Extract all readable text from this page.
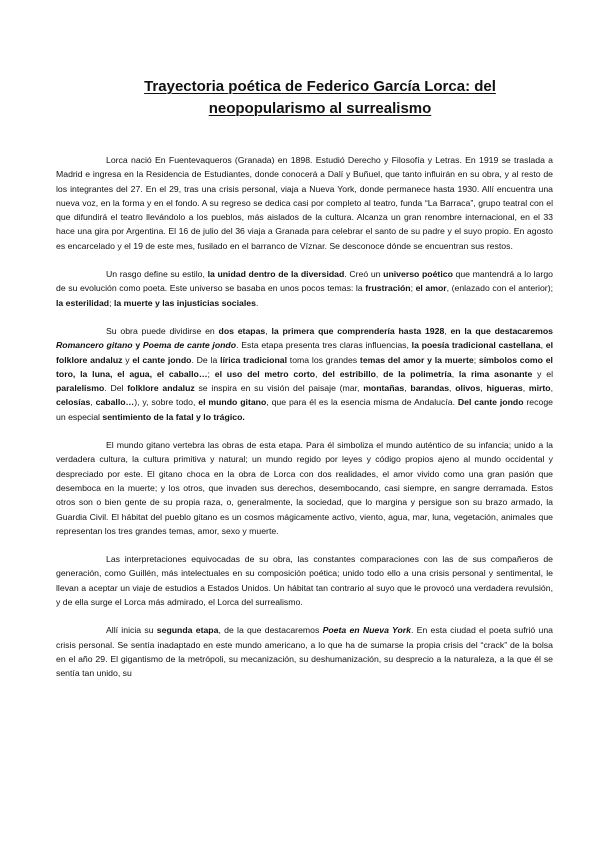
Trayectoria poética de Federico García Lorca: del
neopopularismo al surrealismo

Lorca nació En Fuentevaqueros (Granada) en 1898. Estudió Derecho y Filosofía y Letras. En 1919 se traslada a Madrid e ingresa en la Residencia de Estudiantes, donde conocerá a Dalí y Buñuel, que tanto influirán en su obra, y al resto de los integrantes del 27. En el 29, tras una crisis personal, viaja a Nueva York, donde permanece hasta 1930. Allí encuentra una nueva voz, en la forma y en el fondo. A su regreso se dedica casi por completo al teatro, funda “La Barraca”, grupo teatral con el que difundirá el teatro llevándolo a los pueblos, más aislados de la cultura. Alcanza un gran renombre internacional, en el 33 hace una gira por Argentina. El 16 de julio del 36 viaja a Granada para celebrar el santo de su padre y el suyo propio. En agosto es encarcelado y el 19 de este mes, fusilado en el barranco de Víznar. Se desconoce dónde se encuentran sus restos.

Un rasgo define su estilo, la unidad dentro de la diversidad. Creó un universo poético que mantendrá a lo largo de su evolución como poeta. Este universo se basaba en unos pocos temas: la frustración; el amor, (enlazado con el anterior); la esterilidad; la muerte y las injusticias sociales.

Su obra puede dividirse en dos etapas, la primera que comprendería hasta 1928, en la que destacaremos Romancero gitano y Poema de cante jondo. Esta etapa presenta tres claras influencias, la poesía tradicional castellana, el folklore andaluz y el cante jondo. De la lírica tradicional toma los grandes temas del amor y la muerte; símbolos como el toro, la luna, el agua, el caballo…; el uso del metro corto, del estribillo, de la polimetría, la rima asonante y el paralelismo. Del folklore andaluz se inspira en su visión del paisaje (mar, montañas, barandas, olivos, higueras, mirto, celosías, caballo…), y, sobre todo, el mundo gitano, que para él es la esencia misma de Andalucía. Del cante jondo recoge un especial sentimiento de la fatal y lo trágico.

El mundo gitano vertebra las obras de esta etapa. Para él simboliza el mundo auténtico de su infancia; unido a la verdadera cultura, la cultura primitiva y natural; un mundo regido por leyes y código propios ajeno al mundo occidental y despreciado por este. El gitano choca en la obra de Lorca con dos realidades, el amor vivido como una gran pasión que desemboca en la muerte; y los otros, que invaden sus derechos, desembocando, casi siempre, en sangre derramada. Estos otros son o bien gente de su propia raza, o, generalmente, la sociedad, que lo margina y persigue son su brazo armado, la Guardia Civil. El hábitat del pueblo gitano es un cosmos mágicamente activo, viento, agua, mar, luna, vegetación, animales que representan los tres grandes temas, amor, sexo y muerte.

Las interpretaciones equivocadas de su obra, las constantes comparaciones con las de sus compañeros de generación, como Guillén, más intelectuales en su composición poética; unido todo ello a una crisis personal y sentimental, le llevan a aceptar un viaje de estudios a Estados Unidos. Un hábitat tan contrario al suyo que le provocó una verdadera revulsión, y de ella surge el Lorca más admirado, el Lorca del surrealismo.

Allí inicia su segunda etapa, de la que destacaremos Poeta en Nueva York. En esta ciudad el poeta sufrió una crisis personal. Se sentía inadaptado en este mundo americano, a lo que ha de sumarse la propia crisis del “crack” de la bolsa en el año 29. El gigantismo de la metrópoli, su mecanización, su deshumanización, su desprecio a la naturaleza, a la que él se sentía tan unido, su
